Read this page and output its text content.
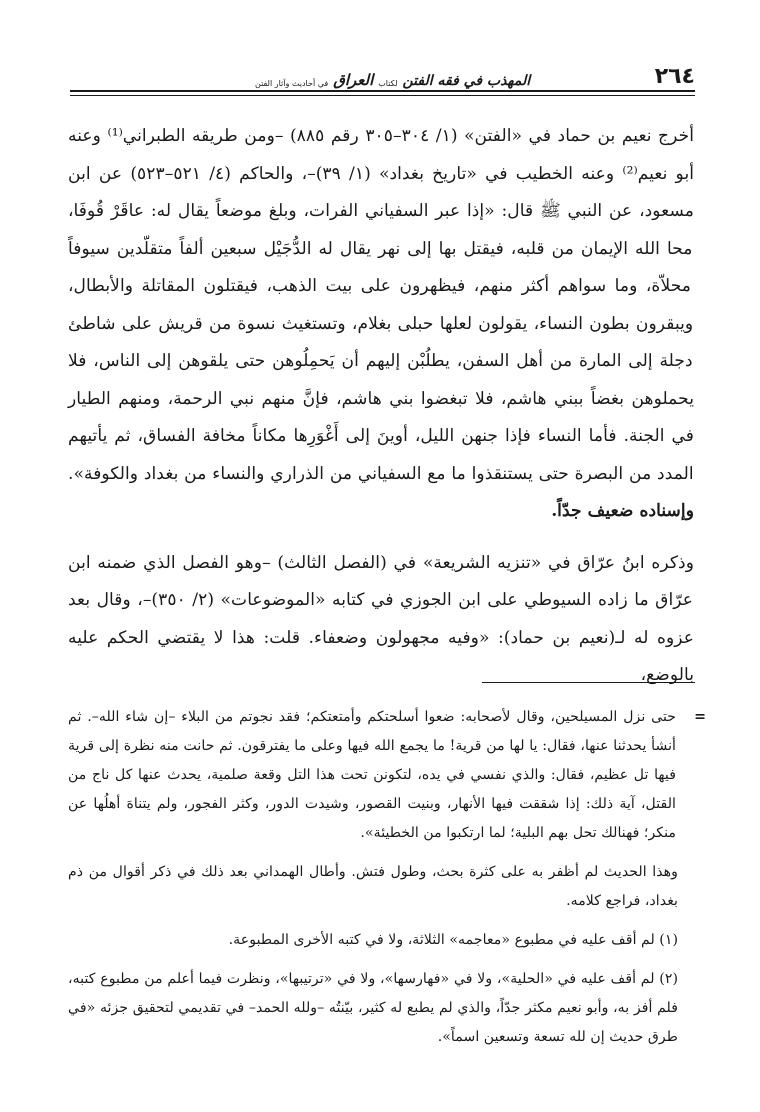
٢٦٤
المهذب في فقه الفتن
لكتاب
العراق
في أحاديث وآثار الفتن

أخرج نعيم بن حماد في «الفتن» (١/ ٣٠٤–٣٠٥ رقم ٨٨٥) –ومن طريقه الطبراني⁽¹⁾ وعنه أبو نعيم⁽²⁾ وعنه الخطيب في «تاريخ بغداد» (١/ ٣٩)–، والحاكم (٤/ ٥٢١–٥٢٣) عن ابن مسعود، عن النبي ﷺ قال: «إذا عبر السفياني الفرات، وبلغ موضعاً يقال له: عاقَرْ قُوفَا، محا الله الإيمان من قلبه، فيقتل بها إلى نهر يقال له الدُّجَيْل سبعين ألفاً متقلّدين سيوفاً محلاّة، وما سواهم أكثر منهم، فيظهرون على بيت الذهب، فيقتلون المقاتلة والأبطال، ويبقرون بطون النساء، يقولون لعلها حبلى بغلام، وتستغيث نسوة من قريش على شاطئ دجلة إلى المارة من أهل السفن، يطلُبْن إليهم أن يَحمِلُوهن حتى يلقوهن إلى الناس، فلا يحملوهن بغضاً ببني هاشم، فلا تبغضوا بني هاشم، فإنَّ منهم نبي الرحمة، ومنهم الطيار في الجنة. فأما النساء فإذا جنهن الليل، أوينَ إلى أَغْوَرِها مكاناً مخافة الفساق، ثم يأتيهم المدد من البصرة حتى يستنقذوا ما مع السفياني من الذراري والنساء من بغداد والكوفة». وإسناده ضعيف جدّاً.

وذكره ابنُ عرّاق في «تنزيه الشريعة» في (الفصل الثالث) –وهو الفصل الذي ضمنه ابن عرّاق ما زاده السيوطي على ابن الجوزي في كتابه «الموضوعات» (٢/ ٣٥٠)–، وقال بعد عزوه له لـ(نعيم بن حماد): «وفيه مجهولون وضعفاء. قلت: هذا لا يقتضي الحكم عليه بالوضع،

=
حتى نزل المسيلحين، وقال لأصحابه: ضعوا أسلحتكم وأمتعتكم؛ فقد نجوتم من البلاء –إن شاء الله–. ثم أنشأ يحدثنا عنها، فقال: يا لها من قرية! ما يجمع الله فيها وعلى ما يفترقون. ثم حانت منه نظرة إلى قرية فيها تل عظيم، فقال: والذي نفسي في يده، لتكونن تحت هذا التل وقعة صلمية، يحدث عنها كل ناج من القتل، آية ذلك: إذا شققت فيها الأنهار، وبنيت القصور، وشيدت الدور، وكثر الفجور، ولم يتناهَ أهلُها عن منكر؛ فهنالك تحل بهم البلية؛ لما ارتكبوا من الخطيئة».

وهذا الحديث لم أظفر به على كثرة بحث، وطول فتش. وأطال الهمداني بعد ذلك في ذكر أقوال من ذم بغداد، فراجع كلامه.

(١) لم أقف عليه في مطبوع «معاجمه» الثلاثة، ولا في كتبه الأخرى المطبوعة.

(٢) لم أقف عليه في «الحلية»، ولا في «فهارسها»، ولا في «ترتيبها»، ونظرت فيما أعلم من مطبوع كتبه، فلم أفز به، وأبو نعيم مكثر جدّاً، والذي لم يطبع له كثير، بيّنتُه –ولله الحمد– في تقديمي لتحقيق جزئه «في طرق حديث إن لله تسعة وتسعين اسماً».
